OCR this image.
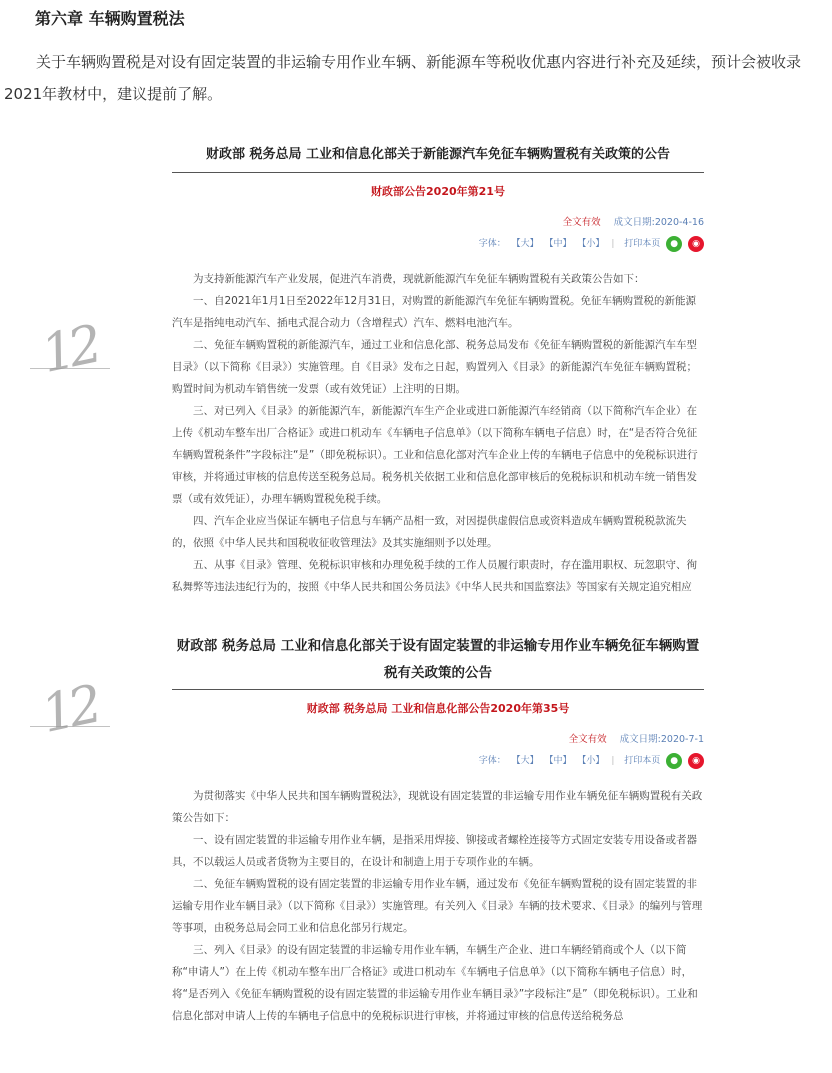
第六章 车辆购置税法
关于车辆购置税是对设有固定装置的非运输专用作业车辆、新能源车等税收优惠内容进行补充及延续，预计会被收录2021年教材中，建议提前了解。
12
12
财政部 税务总局 工业和信息化部关于新能源汽车免征车辆购置税有关政策的公告
财政部公告2020年第21号
全文有效 成文日期:2020-4-16
字体： 【大】 【中】 【小】 | 打印本页 ● ◉

为支持新能源汽车产业发展，促进汽车消费，现就新能源汽车免征车辆购置税有关政策公告如下：

一、自2021年1月1日至2022年12月31日，对购置的新能源汽车免征车辆购置税。免征车辆购置税的新能源汽车是指纯电动汽车、插电式混合动力（含增程式）汽车、燃料电池汽车。

二、免征车辆购置税的新能源汽车，通过工业和信息化部、税务总局发布《免征车辆购置税的新能源汽车车型目录》（以下简称《目录》）实施管理。自《目录》发布之日起，购置列入《目录》的新能源汽车免征车辆购置税；购置时间为机动车销售统一发票（或有效凭证）上注明的日期。

三、对已列入《目录》的新能源汽车，新能源汽车生产企业或进口新能源汽车经销商（以下简称汽车企业）在上传《机动车整车出厂合格证》或进口机动车《车辆电子信息单》（以下简称车辆电子信息）时，在“是否符合免征车辆购置税条件”字段标注“是”（即免税标识）。工业和信息化部对汽车企业上传的车辆电子信息中的免税标识进行审核，并将通过审核的信息传送至税务总局。税务机关依据工业和信息化部审核后的免税标识和机动车统一销售发票（或有效凭证），办理车辆购置税免税手续。

四、汽车企业应当保证车辆电子信息与车辆产品相一致，对因提供虚假信息或资料造成车辆购置税税款流失的，依照《中华人民共和国税收征收管理法》及其实施细则予以处理。

五、从事《目录》管理、免税标识审核和办理免税手续的工作人员履行职责时，存在滥用职权、玩忽职守、徇私舞弊等违法违纪行为的，按照《中华人民共和国公务员法》《中华人民共和国监察法》等国家有关规定追究相应

财政部 税务总局 工业和信息化部关于设有固定装置的非运输专用作业车辆免征车辆购置税有关政策的公告
财政部 税务总局 工业和信息化部公告2020年第35号
全文有效 成文日期:2020-7-1
字体： 【大】 【中】 【小】 | 打印本页 ● ◉

为贯彻落实《中华人民共和国车辆购置税法》，现就设有固定装置的非运输专用作业车辆免征车辆购置税有关政策公告如下：

一、设有固定装置的非运输专用作业车辆，是指采用焊接、铆接或者螺栓连接等方式固定安装专用设备或者器具，不以载运人员或者货物为主要目的，在设计和制造上用于专项作业的车辆。

二、免征车辆购置税的设有固定装置的非运输专用作业车辆，通过发布《免征车辆购置税的设有固定装置的非运输专用作业车辆目录》（以下简称《目录》）实施管理。有关列入《目录》车辆的技术要求、《目录》的编列与管理等事项，由税务总局会同工业和信息化部另行规定。

三、列入《目录》的设有固定装置的非运输专用作业车辆，车辆生产企业、进口车辆经销商或个人（以下简称“申请人”）在上传《机动车整车出厂合格证》或进口机动车《车辆电子信息单》（以下简称车辆电子信息）时，将“是否列入《免征车辆购置税的设有固定装置的非运输专用作业车辆目录》”字段标注“是”（即免税标识）。工业和信息化部对申请人上传的车辆电子信息中的免税标识进行审核，并将通过审核的信息传送给税务总
